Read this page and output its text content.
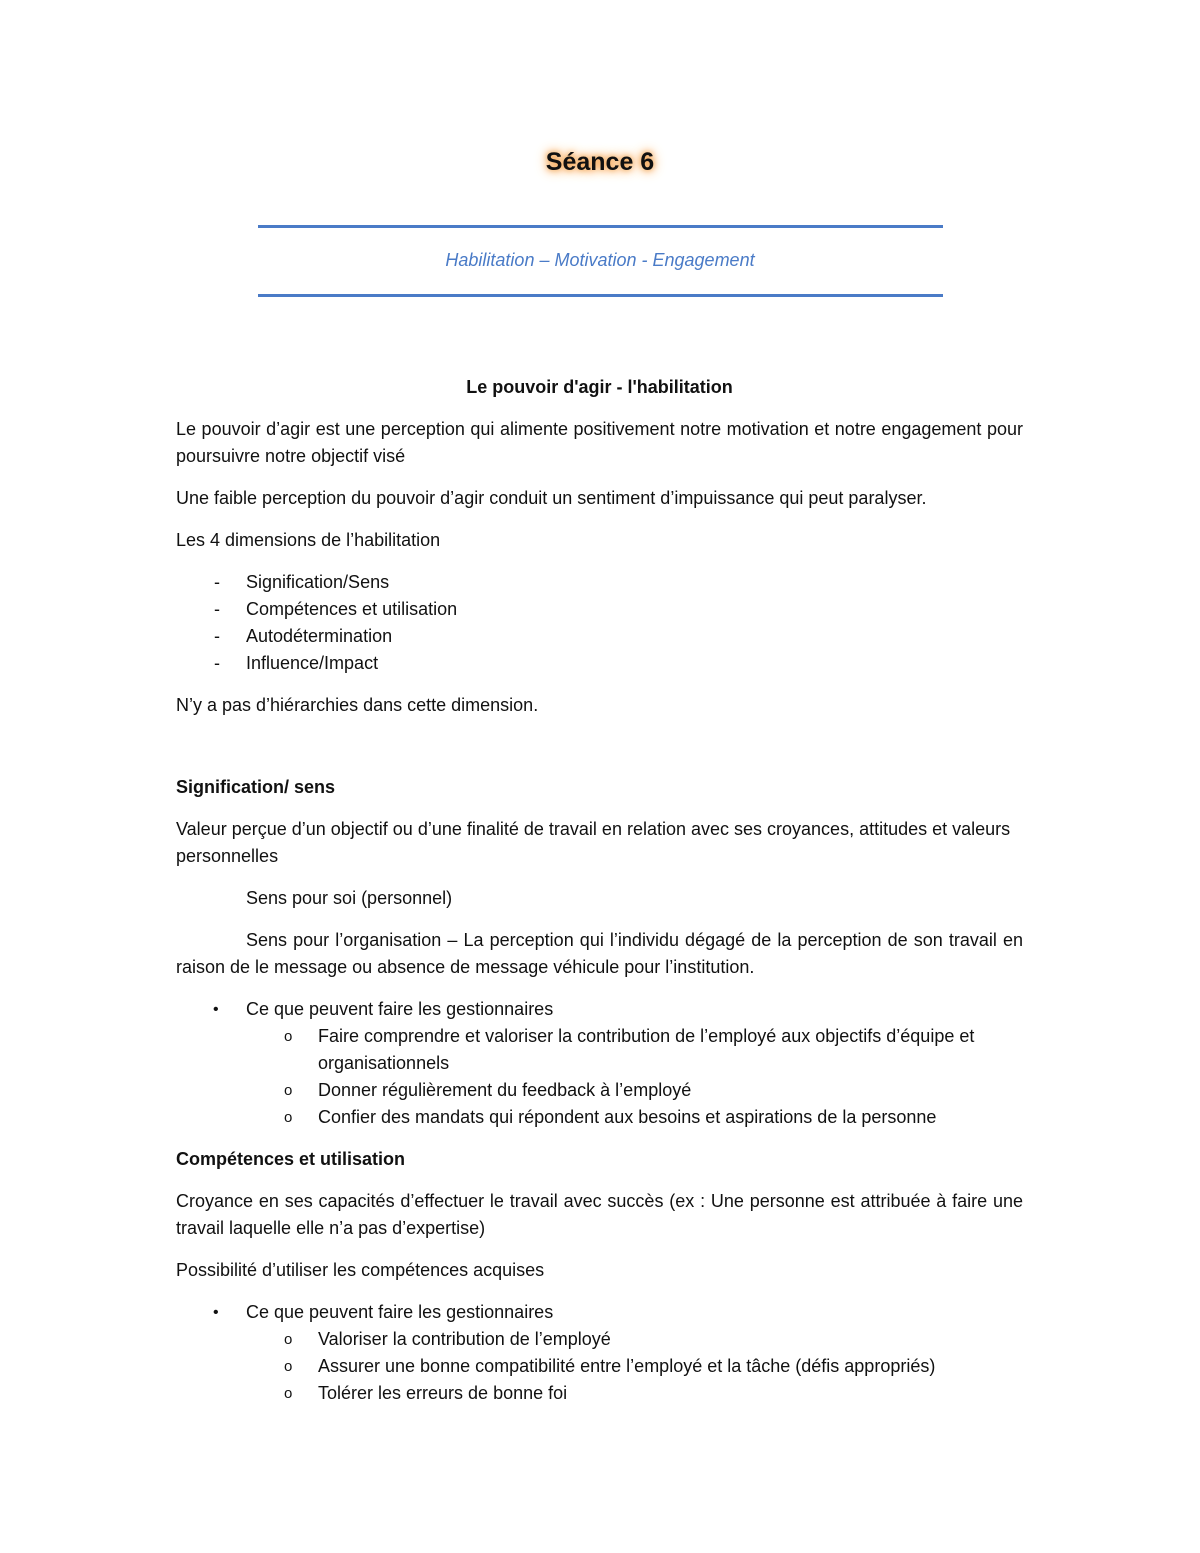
Séance 6
Habilitation – Motivation - Engagement

Le pouvoir d'agir - l'habilitation

Le pouvoir d’agir est une perception qui alimente positivement notre motivation et notre engagement pour poursuivre notre objectif visé

Une faible perception du pouvoir d’agir conduit un sentiment d’impuissance qui peut paralyser.

Les 4 dimensions de l’habilitation

- Signification/Sens
- Compétences et utilisation
- Autodétermination
- Influence/Impact

N’y a pas d’hiérarchies dans cette dimension.

Signification/ sens

Valeur perçue d’un objectif ou d’une finalité de travail en relation avec ses croyances, attitudes et valeurs personnelles

Sens pour soi (personnel)

Sens pour l’organisation – La perception qui l’individu dégagé de la perception de son travail en raison de le message ou absence de message véhicule pour l’institution.

• Ce que peuvent faire les gestionnaires
o Faire comprendre et valoriser la contribution de l’employé aux objectifs d’équipe et organisationnels
o Donner régulièrement du feedback à l’employé
o Confier des mandats qui répondent aux besoins et aspirations de la personne

Compétences et utilisation

Croyance en ses capacités d’effectuer le travail avec succès (ex : Une personne est attribuée à faire une travail laquelle elle n’a pas d’expertise)

Possibilité d’utiliser les compétences acquises

• Ce que peuvent faire les gestionnaires
o Valoriser la contribution de l’employé
o Assurer une bonne compatibilité entre l’employé et la tâche (défis appropriés)
o Tolérer les erreurs de bonne foi
